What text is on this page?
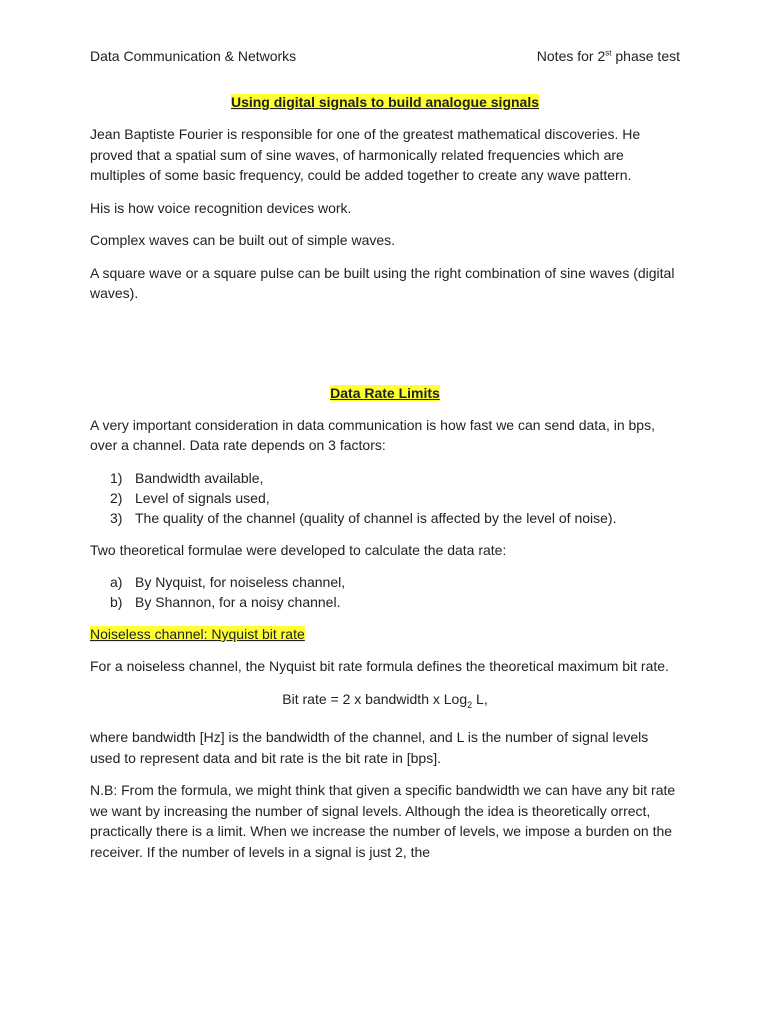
Data Communication & Networks	Notes for 2st phase test
Using digital signals to build analogue signals

Jean Baptiste Fourier is responsible for one of the greatest mathematical discoveries. He proved that a spatial sum of sine waves, of harmonically related frequencies which are multiples of some basic frequency, could be added together to create any wave pattern.

His is how voice recognition devices work.

Complex waves can be built out of simple waves.

A square wave or a square pulse can be built using the right combination of sine waves (digital waves).

Data Rate Limits

A very important consideration in data communication is how fast we can send data, in bps, over a channel. Data rate depends on 3 factors:

1) Bandwidth available,
2) Level of signals used,
3) The quality of the channel (quality of channel is affected by the level of noise).

Two theoretical formulae were developed to calculate the data rate:

a) By Nyquist, for noiseless channel,
b) By Shannon, for a noisy channel.
Noiseless channel: Nyquist bit rate

For a noiseless channel, the Nyquist bit rate formula defines the theoretical maximum bit rate.

Bit rate = 2 x bandwidth x Log$_2$ L,

where bandwidth [Hz] is the bandwidth of the channel, and L is the number of signal levels used to represent data and bit rate is the bit rate in [bps].

N.B: From the formula, we might think that given a specific bandwidth we can have any bit rate we want by increasing the number of signal levels. Although the idea is theoretically orrect, practically there is a limit. When we increase the number of levels, we impose a burden on the receiver. If the number of levels in a signal is just 2, the
